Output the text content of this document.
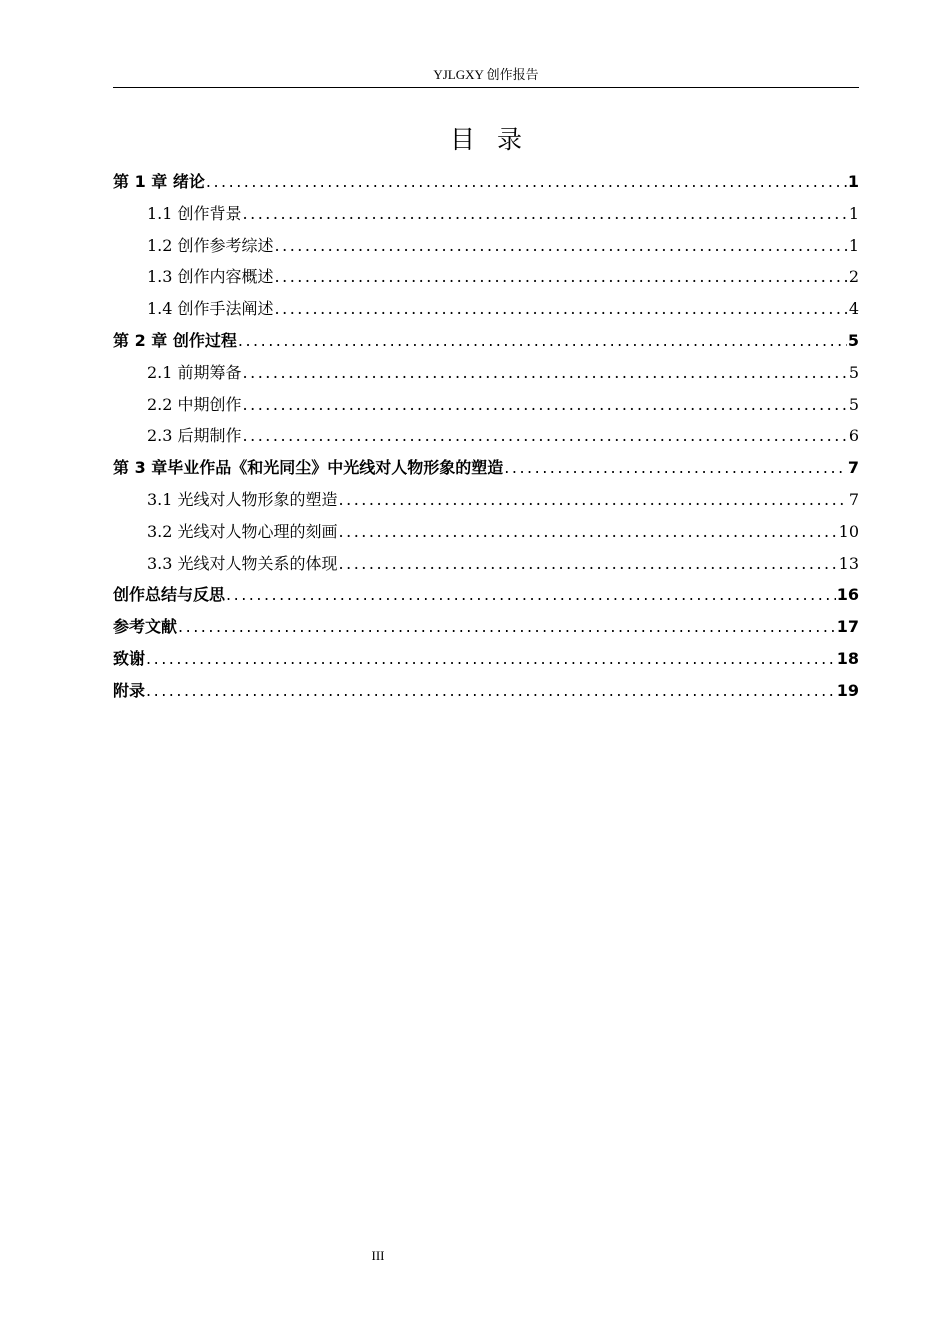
YJLGXY 创作报告
目录
第 1 章 绪论 .....	1
1.1 创作背景 .....	1
1.2 创作参考综述 .....	1
1.3 创作内容概述 .....	2
1.4 创作手法阐述 .....	4
第 2 章 创作过程 .....	5
2.1 前期筹备 .....	5
2.2 中期创作 .....	5
2.3 后期制作 .....	6
第 3 章毕业作品《和光同尘》中光线对人物形象的塑造 .....	7
3.1 光线对人物形象的塑造 .....	7
3.2 光线对人物心理的刻画 .....	10
3.3 光线对人物关系的体现 .....	13
创作总结与反思 .....	16
参考文献 .....	17
致谢 .....	18
附录 .....	19
III
